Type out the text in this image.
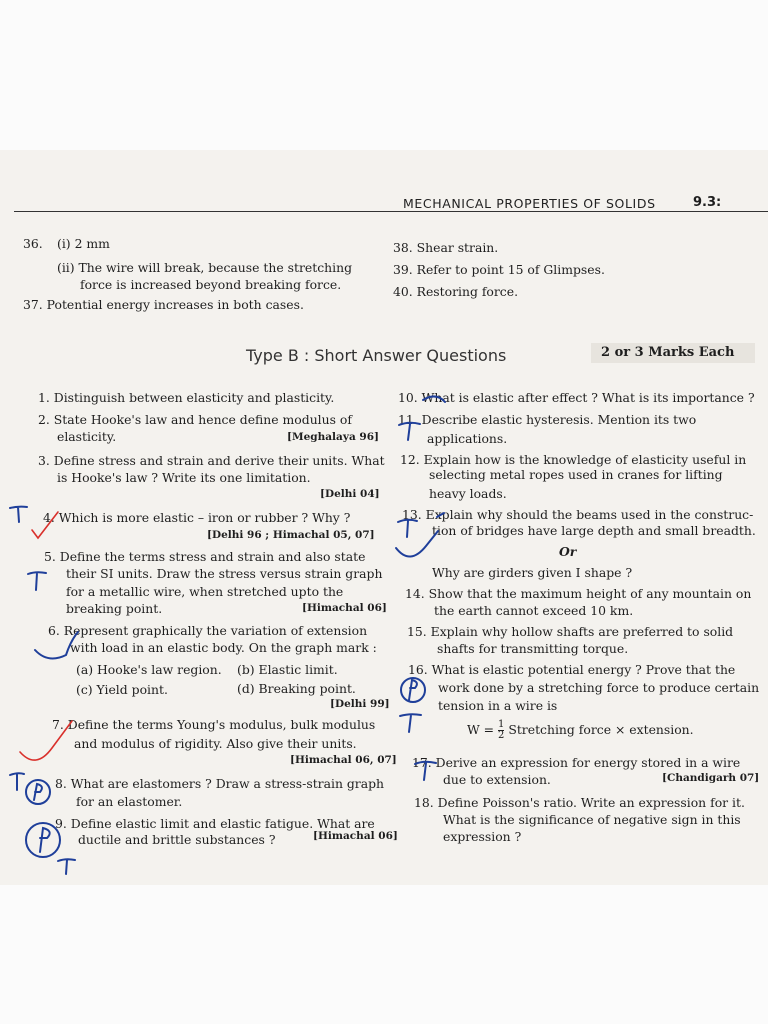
MECHANICAL PROPERTIES OF SOLIDS	9.3:
36. (i) 2 mm
(ii) The wire will break, because the stretching
force is increased beyond breaking force.
37. Potential energy increases in both cases.
38. Shear strain.
39. Refer to point 15 of Glimpses.
40. Restoring force.
Type B : Short Answer Questions	2 or 3 Marks Each
1. Distinguish between elasticity and plasticity.
2. State Hooke's law and hence define modulus of
elasticity.	[Meghalaya 96]
3. Define stress and strain and derive their units. What
is Hooke's law ? Write its one limitation.
[Delhi 04]
4. Which is more elastic – iron or rubber ? Why ?
[Delhi 96 ; Himachal 05, 07]
5. Define the terms stress and strain and also state
their SI units. Draw the stress versus strain graph
for a metallic wire, when stretched upto the
breaking point.	[Himachal 06]
6. Represent graphically the variation of extension
with load in an elastic body. On the graph mark :
(a) Hooke's law region. (b) Elastic limit.
(c) Yield point.	(d) Breaking point.
[Delhi 99]
7. Define the terms Young's modulus, bulk modulus
and modulus of rigidity. Also give their units.
[Himachal 06, 07]
8. What are elastomers ? Draw a stress-strain graph
for an elastomer.
9. Define elastic limit and elastic fatigue. What are
ductile and brittle substances ?	[Himachal 06]
10. What is elastic after effect ? What is its importance ?
11. Describe elastic hysteresis. Mention its two
applications.
12. Explain how is the knowledge of elasticity useful in
selecting metal ropes used in cranes for lifting
heavy loads.
13. Explain why should the beams used in the construc-
tion of bridges have large depth and small breadth.
Or
Why are girders given I shape ?
14. Show that the maximum height of any mountain on
the earth cannot exceed 10 km.
15. Explain why hollow shafts are preferred to solid
shafts for transmitting torque.
16. What is elastic potential energy ? Prove that the
work done by a stretching force to produce certain
tension in a wire is
$W = \frac{1}{2}$ Stretching force × extension.
17. Derive an expression for energy stored in a wire
due to extension.	[Chandigarh 07]
18. Define Poisson's ratio. Write an expression for it.
What is the significance of negative sign in this
expression ?
